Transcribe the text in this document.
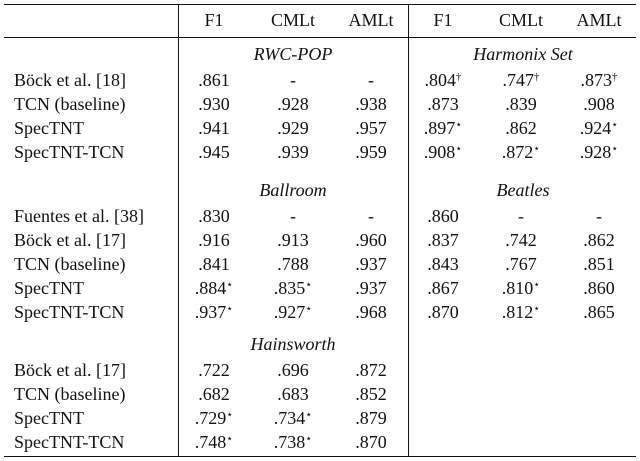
F1	CMLt	AMLt	F1	CMLt	AMLt
RWC-POP	Harmonix Set
Böck et al. [18]	.861	-	-	.804†	.747†	.873†
TCN (baseline)	.930	.928	.938	.873	.839	.908
SpecTNT	.941	.929	.957	.897⋆	.862	.924⋆
SpecTNT-TCN	.945	.939	.959	.908⋆	.872⋆	.928⋆
Ballroom	Beatles
Fuentes et al. [38]	.830	-	-	.860	-	-
Böck et al. [17]	.916	.913	.960	.837	.742	.862
TCN (baseline)	.841	.788	.937	.843	.767	.851
SpecTNT	.884⋆	.835⋆	.937	.867	.810⋆	.860
SpecTNT-TCN	.937⋆	.927⋆	.968	.870	.812⋆	.865
Hainsworth
Böck et al. [17]	.722	.696	.872
TCN (baseline)	.682	.683	.852
SpecTNT	.729⋆	.734⋆	.879
SpecTNT-TCN	.748⋆	.738⋆	.870
